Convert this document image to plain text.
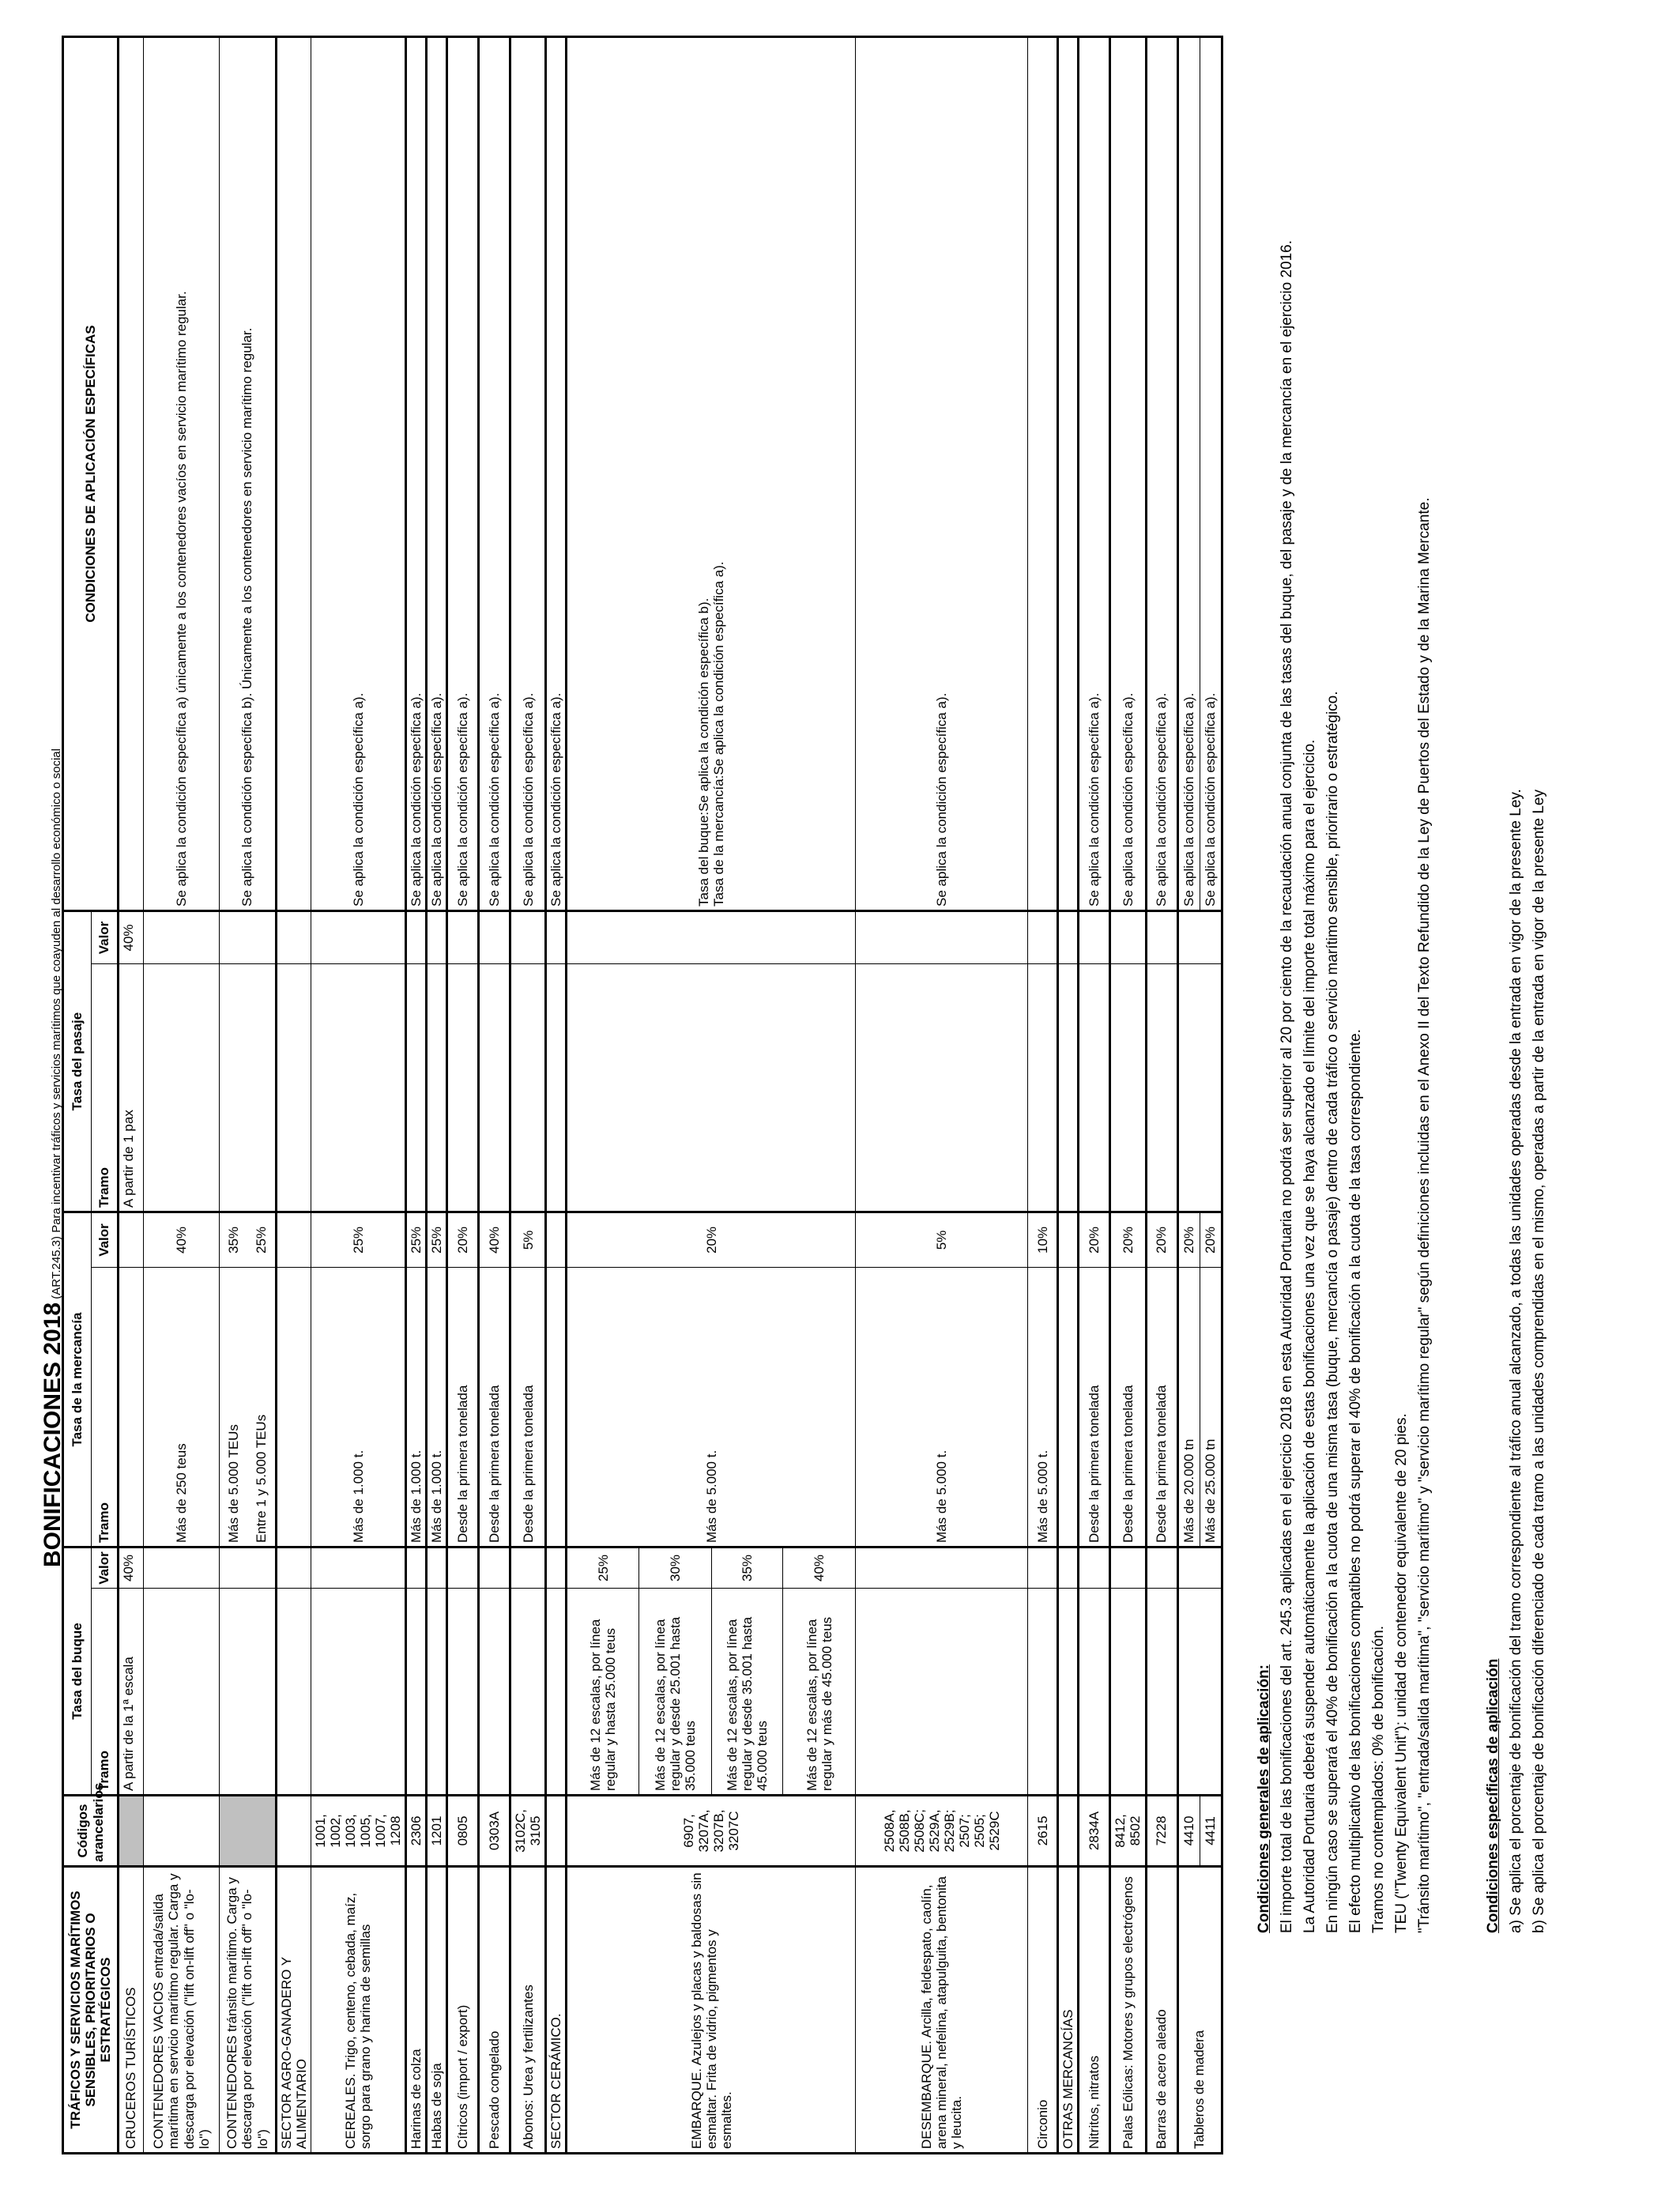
BONIFICACIONES 2018 (ART.245.3) Para incentivar tráficos y servicios marítimos que coayuden al desarrollo económico o social
TRÁFICOS Y SERVICIOS MARÍTIMOS SENSIBLES, PRIORITARIOS O ESTRATÉGICOS	Códigos arancelarios	Tasa del buque		Tasa de la mercancía		Tasa del pasaje		CONDICIONES DE APLICACIÓN ESPECÍFICAS
		Tramo	Valor	Tramo	Valor	Tramo	Valor	
CRUCEROS TURÍSTICOS		A partir de la 1ª escala	40%			A partir de 1 pax	40%	
CONTENEDORES VACIOS entrada/salida marítima en servicio marítimo regular. Carga y descarga por elevación ("lift on-lift off" o "lo-lo")				Más de 250 teus	40%			Se aplica la condición específica a) únicamente a los contenedores vacíos en servicio marítimo regular.
CONTENEDORES tránsito marítimo. Carga y descarga por elevación ("lift on-lift off" o "lo-lo")				Más de 5.000 TEUs	35%			Se aplica la condición específica b). Únicamente a los contenedores en servicio marítimo regular.
				Entre 1 y 5.000 TEUs	25%			
SECTOR AGRO-GANADERO Y ALIMENTARIO								
CEREALES. Trigo, centeno, cebada, maíz, sorgo para grano y harina de semillas	1001, 1002, 1003, 1005, 1007, 1208			Más de 1.000 t.	25%			Se aplica la condición específica a).
Harinas de colza	2306			Más de 1.000 t.	25%			Se aplica la condición específica a).
Habas de soja	1201			Más de 1.000 t.	25%			Se aplica la condición específica a).
Cítricos (import / export)	0805			Desde la primera tonelada	20%			Se aplica la condición específica a).
Pescado congelado	0303A			Desde la primera tonelada	40%			Se aplica la condición específica a).
Abonos: Urea y fertilizantes	3102C, 3105			Desde la primera tonelada	5%			Se aplica la condición específica a).
SECTOR CERÁMICO.								Se aplica la condición específica a).
EMBARQUE. Azulejos y placas y baldosas sin esmaltar. Frita de vidrio, pigmentos y esmaltes.	6907, 3207A, 3207B, 3207C	Más de 12 escalas, por línea regular y hasta 25.000 teus	25%	Más de 5.000 t.	20%			Tasa del buque:Se aplica la condición específica b). Tasa de la mercancía:Se aplica la condición específica a).

		Más de 12 escalas, por línea regular y desde 25.001 hasta 35.000 teus	30%					
		Más de 12 escalas, por línea regular y desde 35.001 hasta 45.000 teus	35%					
		Más de 12 escalas, por línea regular y más de 45.000 teus	40%					
DESEMBARQUE. Arcilla, feldespato, caolín, arena mineral, nefelina, atapulguita, bentonita y leucita.	2508A, 2508B, 2508C; 2529A, 2529B; 2507; 2505; 2529C			Más de 5.000 t.	5%			Se aplica la condición específica a).
Circonio	2615			Más de 5.000 t.	10%			
OTRAS MERCANCÍAS								
Nitritos, nitratos	2834A			Desde la primera tonelada	20%			Se aplica la condición específica a).
Palas Eólicas: Motores y grupos electrógenos	8412, 8502			Desde la primera tonelada	20%			Se aplica la condición específica a).
Barras de acero aleado	7228			Desde la primera tonelada	20%			Se aplica la condición específica a).
Tableros de madera	4410			Más de 20.000 tn	20%			Se aplica la condición específica a).
	4411			Más de 25.000 tn	20%			Se aplica la condición específica a).

Condiciones generales de aplicación: El importe total de las bonificaciones del art. 245.3 aplicadas en el ejercicio 2018 en esta Autoridad Portuaria no podrá ser superior al 20 por ciento de la recaudación anual conjunta de las tasas del buque, del pasaje y de la mercancía en el ejercicio 2016. La Autoridad Portuaria deberá suspender automáticamente la aplicación de estas bonificaciones una vez que se haya alcanzado el límite del importe total máximo para el ejercicio. En ningún caso se superará el 40% de bonificación a la cuota de una misma tasa (buque, mercancía o pasaje) dentro de cada tráfico o servicio marítimo sensible, priorirario o estratégico. El efecto multiplicativo de las bonificaciones compatibles no podrá superar el 40% de bonificación a la cuota de la tasa correspondiente. Tramos no contemplados: 0% de bonificación. TEU ("Twenty Equivalent Unit"): unidad de contenedor equivalente de 20 pies. "Tránsito marítimo", "entrada/salida marítima", "servicio marítimo" y "servicio marítimo regular" según definiciones incluidas en el Anexo II del Texto Refundido de la Ley de Puertos del Estado y de la Marina Mercante.	Condiciones específicas de aplicación a) Se aplica el porcentaje de bonificación del tramo correspondiente al tráfico anual alcanzado, a todas las unidades operadas desde la entrada en vigor de la presente Ley. b) Se aplica el porcentaje de bonificación diferenciado de cada tramo a las unidades comprendidas en el mismo, operadas a partir de la entrada en vigor de la presente Ley
